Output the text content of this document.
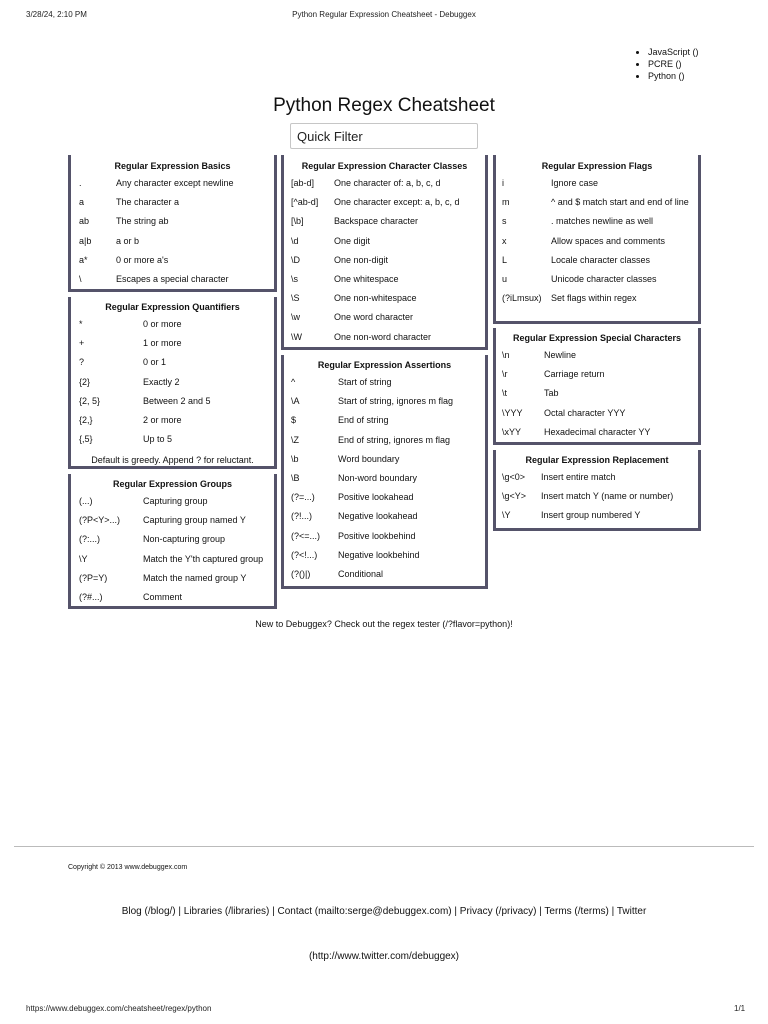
3/28/24, 2:10 PM	Python Regular Expression Cheatsheet - Debuggex
• JavaScript ()
• PCRE ()
• Python ()
Python Regex Cheatsheet
Quick Filter
Regular Expression Basics
.	Any character except newline
a	The character a
ab	The string ab
a|b	a or b
a*	0 or more a's
\	Escapes a special character
Regular Expression Quantifiers
*	0 or more
+	1 or more
?	0 or 1
{2}	Exactly 2
{2, 5}	Between 2 and 5
{2,}	2 or more
{,5}	Up to 5
Default is greedy. Append ? for reluctant.
Regular Expression Groups
(...)	Capturing group
(?P<Y>...)	Capturing group named Y
(?:...)	Non-capturing group
\Y	Match the Y'th captured group
(?P=Y)	Match the named group Y
(?#...)	Comment
Regular Expression Character Classes
[ab-d]	One character of: a, b, c, d
[^ab-d]	One character except: a, b, c, d
[\b]	Backspace character
\d	One digit
\D	One non-digit
\s	One whitespace
\S	One non-whitespace
\w	One word character
\W	One non-word character
Regular Expression Assertions
^	Start of string
\A	Start of string, ignores m flag
$	End of string
\Z	End of string, ignores m flag
\b	Word boundary
\B	Non-word boundary
(?=...)	Positive lookahead
(?!...)	Negative lookahead
(?<=...)	Positive lookbehind
(?<!...)	Negative lookbehind
(?()|)	Conditional
Regular Expression Flags
i	Ignore case
m	^ and $ match start and end of line
s	. matches newline as well
x	Allow spaces and comments
L	Locale character classes
u	Unicode character classes
(?iLmsux)	Set flags within regex
Regular Expression Special Characters
\n	Newline
\r	Carriage return
\t	Tab
\YYY	Octal character YYY
\xYY	Hexadecimal character YY
Regular Expression Replacement
\g<0>	Insert entire match
\g<Y>	Insert match Y (name or number)
\Y	Insert group numbered Y
New to Debuggex? Check out the regex tester (/?flavor=python)!
Copyright © 2013 www.debuggex.com
Blog (/blog/) | Libraries (/libraries) | Contact (mailto:serge@debuggex.com) | Privacy (/privacy) | Terms (/terms) | Twitter
(http://www.twitter.com/debuggex)
https://www.debuggex.com/cheatsheet/regex/python	1/1
